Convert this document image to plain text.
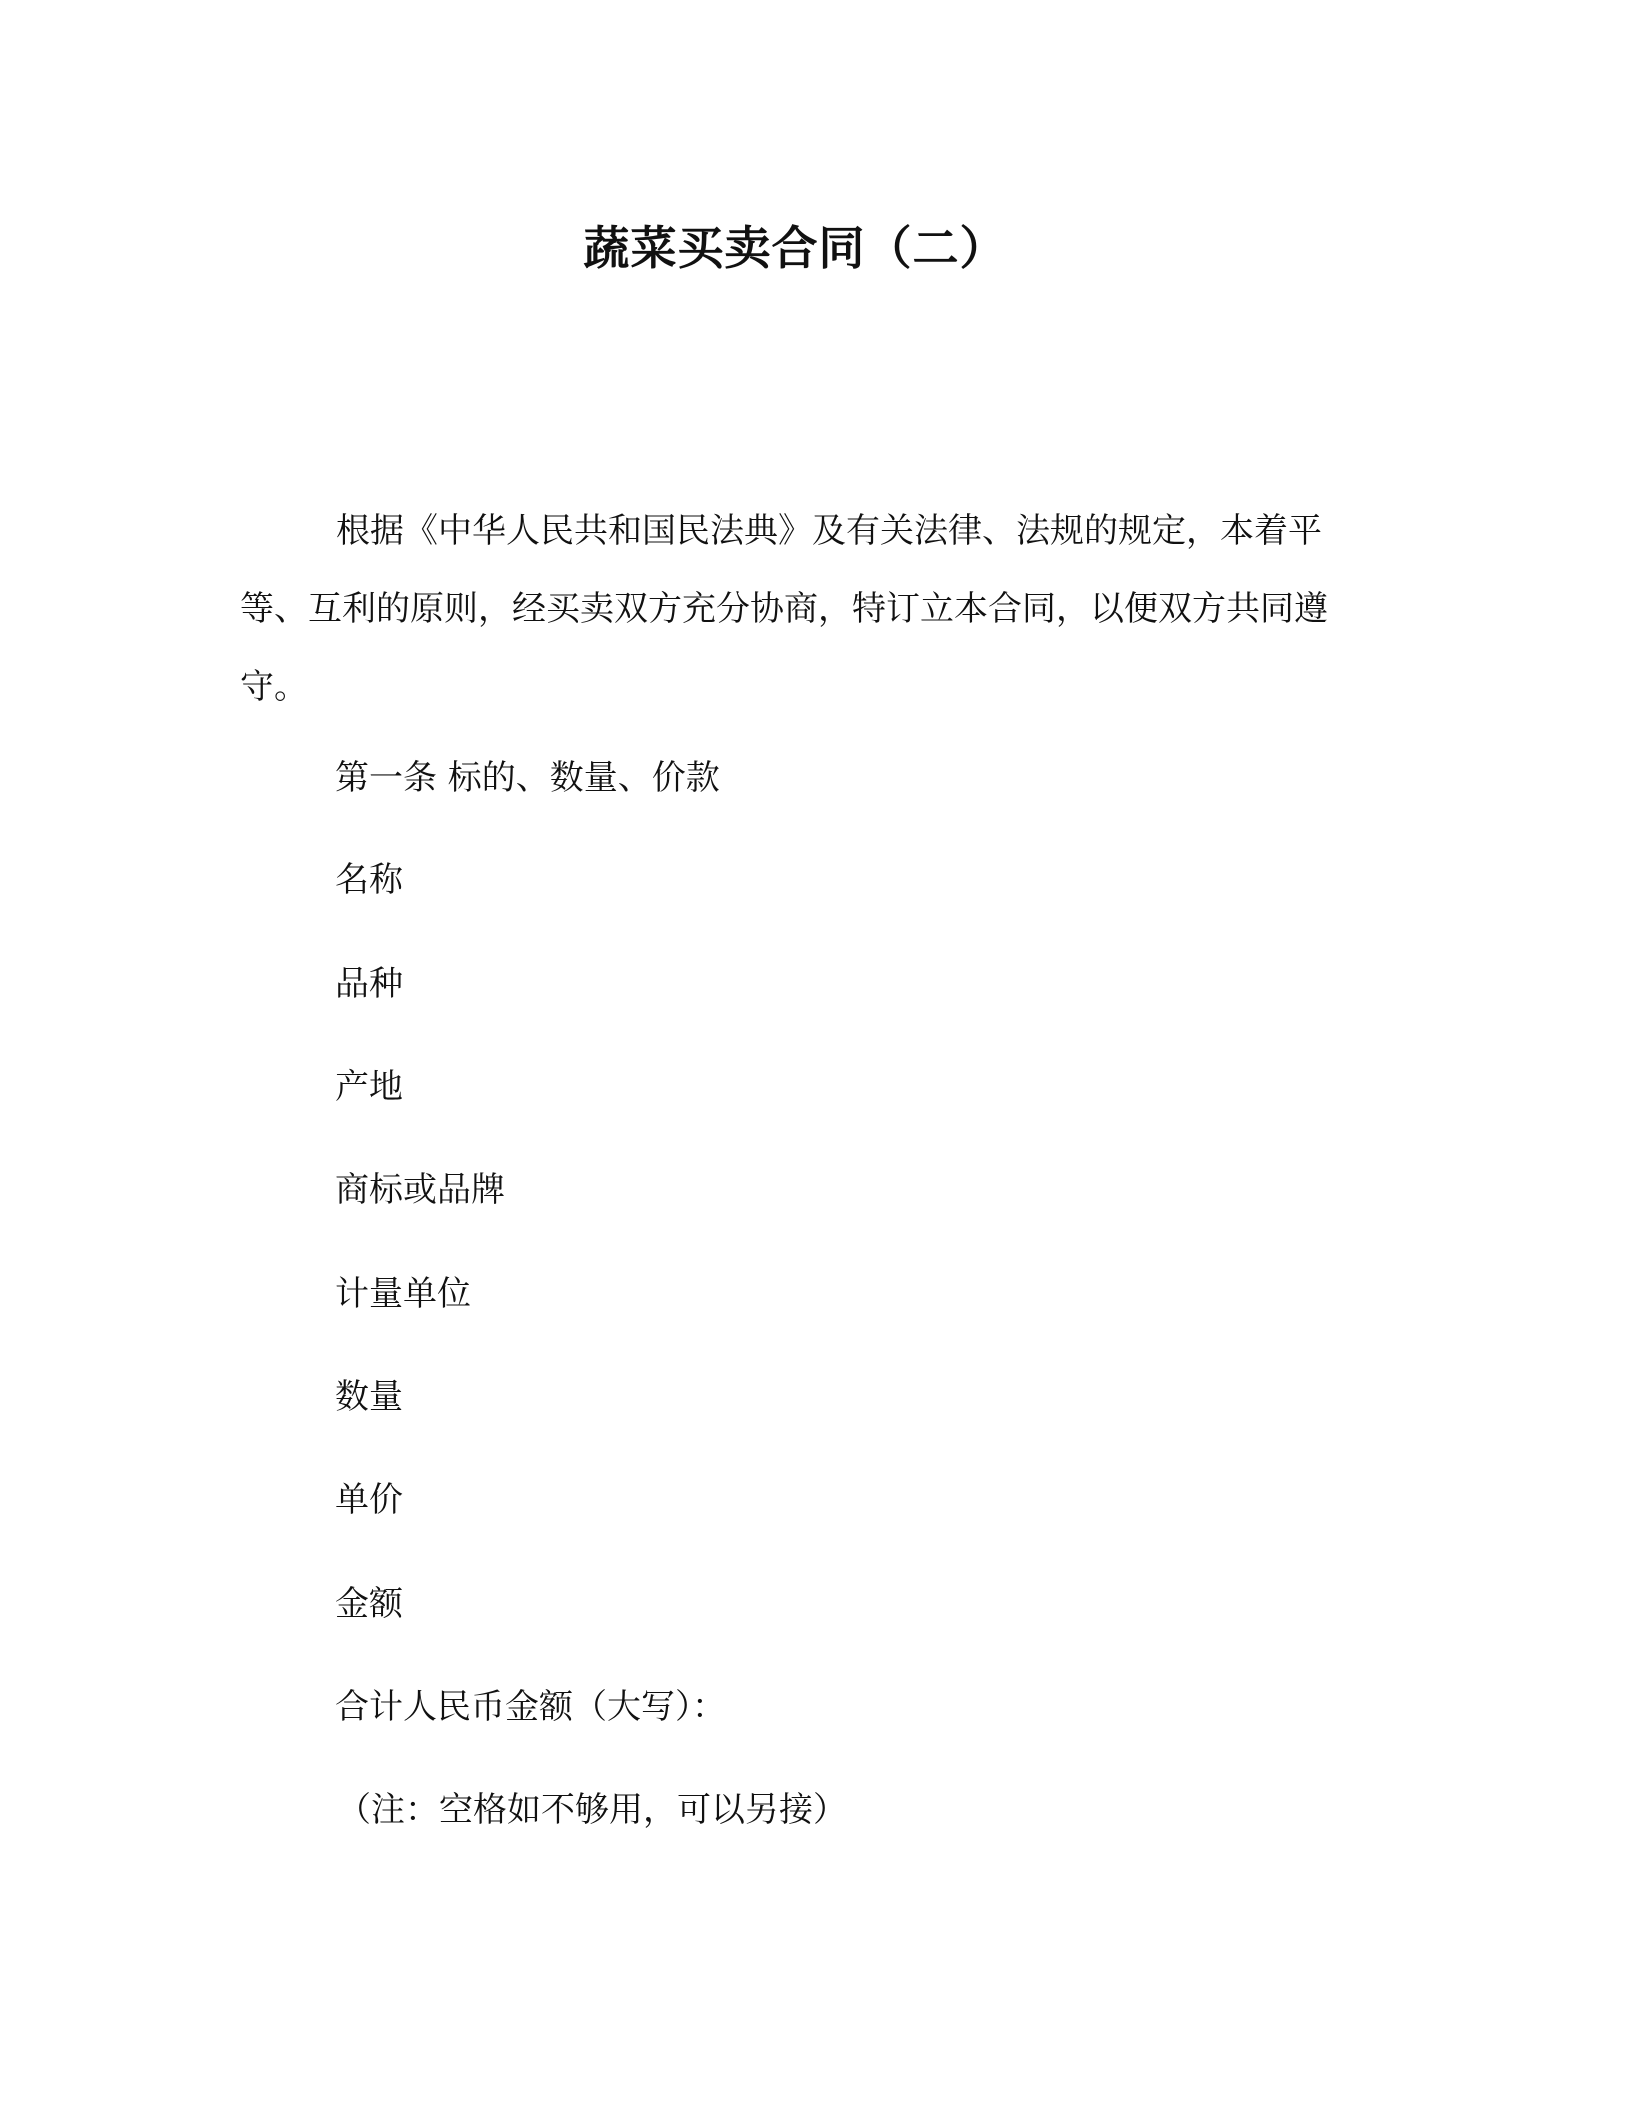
蔬菜买卖合同（二）

根据《中华人民共和国民法典》及有关法律、法规的规定，本着平等、互利的原则，经买卖双方充分协商，特订立本合同，以便双方共同遵守。

第一条 标的、数量、价款
名称
品种
产地
商标或品牌
计量单位
数量
单价
金额
合计人民币金额（大写）：
（注：空格如不够用，可以另接）
